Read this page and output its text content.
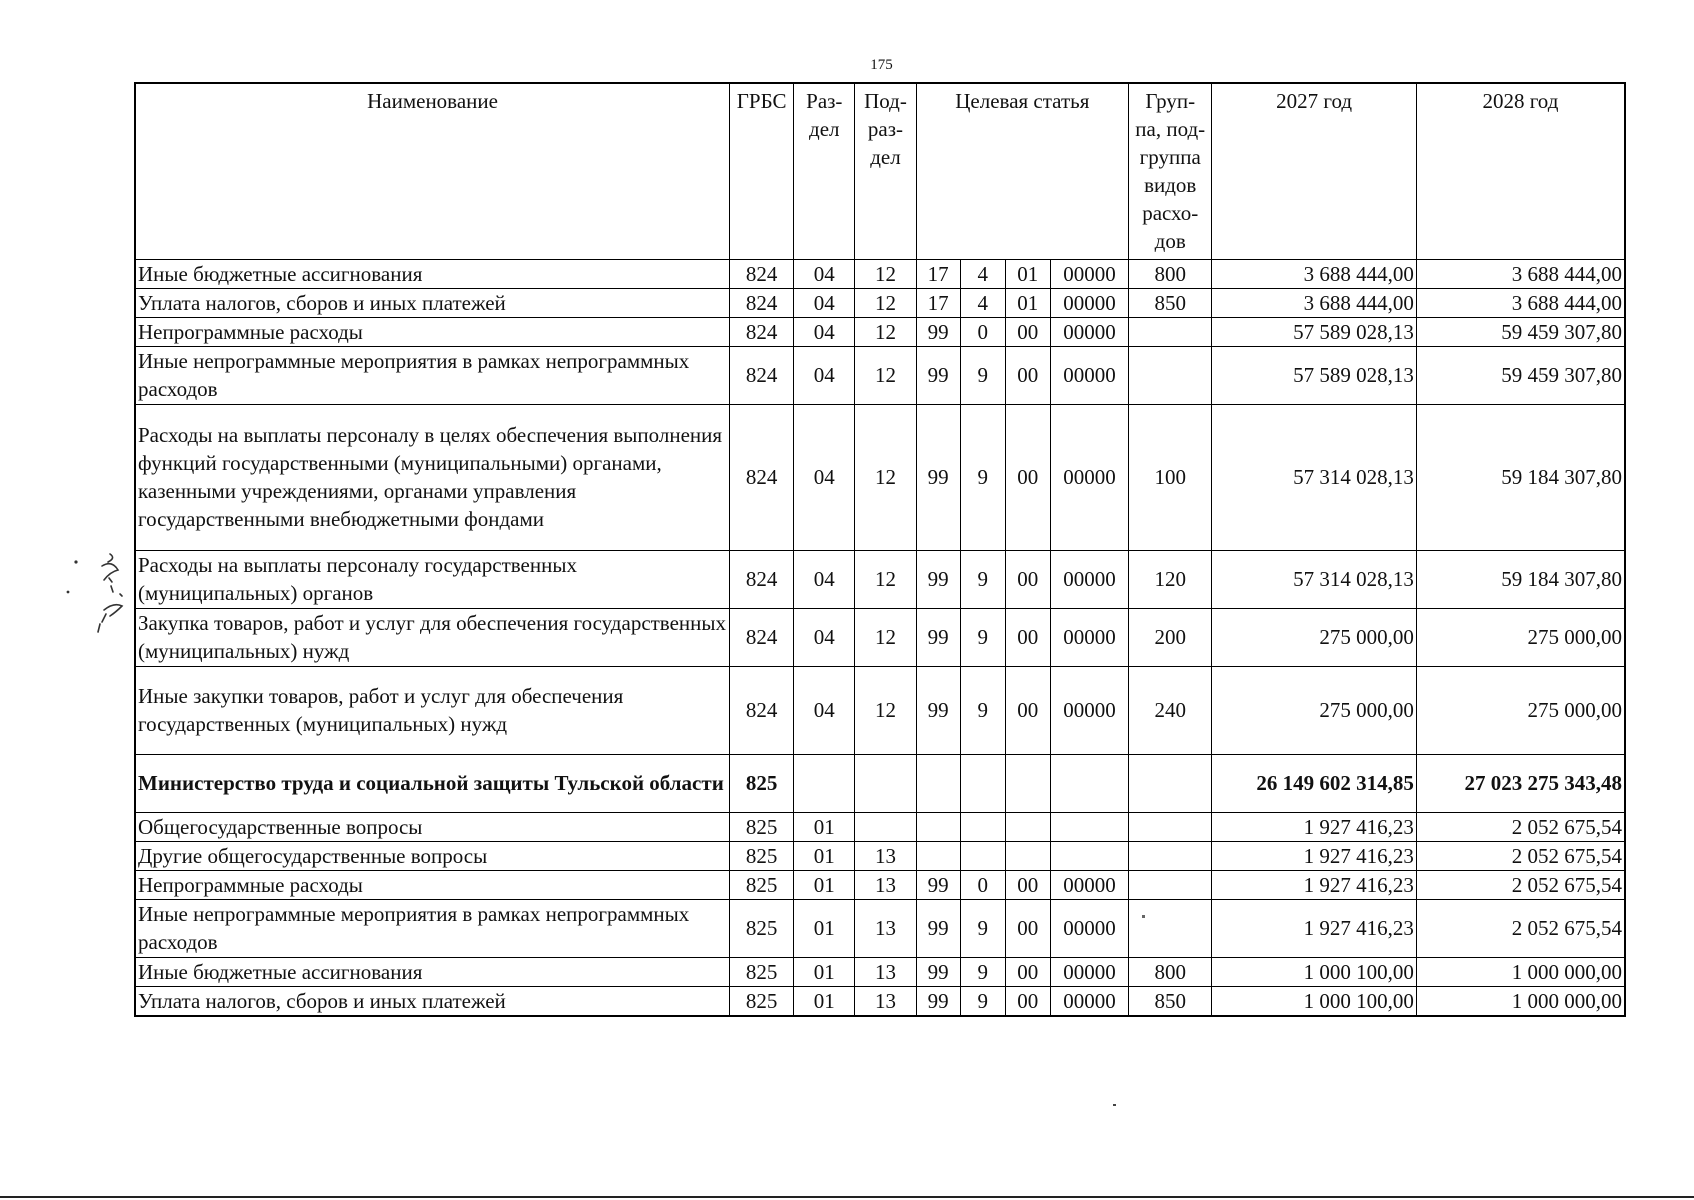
175
Наименование	ГРБС	Раз- дел	Под- раз- дел	Целевая статья				Груп- па, под- группа видов расхо- дов	2027 год	2028 год
Иные бюджетные ассигнования	824	04	12	17	4	01	00000	800	3 688 444,00	3 688 444,00
Уплата налогов, сборов и иных платежей	824	04	12	17	4	01	00000	850	3 688 444,00	3 688 444,00
Непрограммные расходы	824	04	12	99	0	00	00000		57 589 028,13	59 459 307,80
Иные непрограммные мероприятия в рамках непрограммных расходов	824	04	12	99	9	00	00000		57 589 028,13	59 459 307,80
Расходы на выплаты персоналу в целях обеспечения выполнения функций государственными (муниципальными) органами, казенными учреждениями, органами управления государственными внебюджетными фондами	824	04	12	99	9	00	00000	100	57 314 028,13	59 184 307,80
Расходы на выплаты персоналу государственных (муниципальных) органов	824	04	12	99	9	00	00000	120	57 314 028,13	59 184 307,80
Закупка товаров, работ и услуг для обеспечения государственных (муниципальных) нужд	824	04	12	99	9	00	00000	200	275 000,00	275 000,00
Иные закупки товаров, работ и услуг для обеспечения государственных (муниципальных) нужд	824	04	12	99	9	00	00000	240	275 000,00	275 000,00
Министерство труда и социальной защиты Тульской области	825								26 149 602 314,85	27 023 275 343,48
Общегосударственные вопросы	825	01							1 927 416,23	2 052 675,54
Другие общегосударственные вопросы	825	01	13						1 927 416,23	2 052 675,54
Непрограммные расходы	825	01	13	99	0	00	00000		1 927 416,23	2 052 675,54
Иные непрограммные мероприятия в рамках непрограммных расходов	825	01	13	99	9	00	00000		1 927 416,23	2 052 675,54
Иные бюджетные ассигнования	825	01	13	99	9	00	00000	800	1 000 100,00	1 000 000,00
Уплата налогов, сборов и иных платежей	825	01	13	99	9	00	00000	850	1 000 100,00	1 000 000,00
